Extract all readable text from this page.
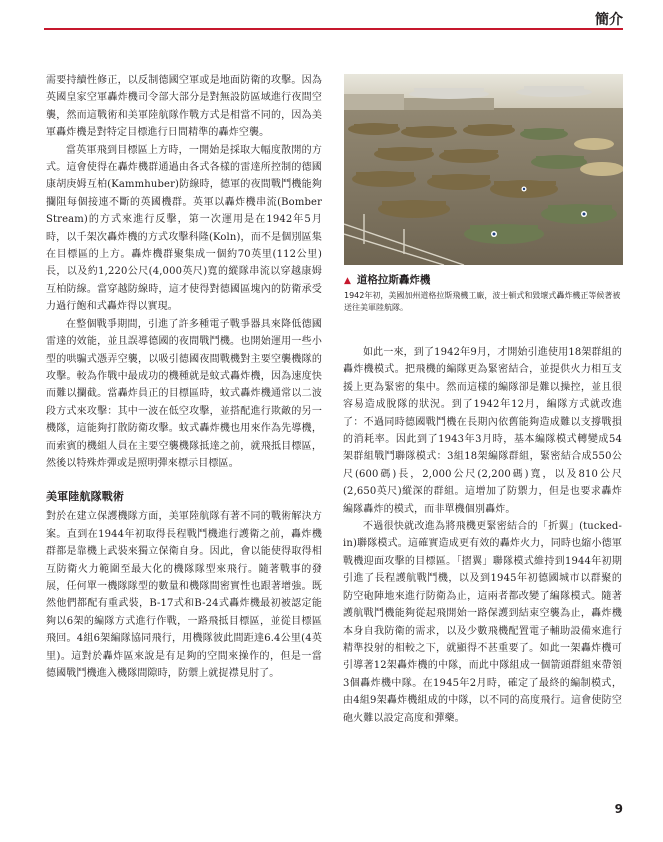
簡介

需要持續性修正，以反制德國空軍或是地面防衛的攻擊。因為英國皇家空軍轟炸機司令部大部分是對無設防區域進行夜間空襲，然而這戰術和美軍陸航隊作戰方式是相當不同的，因為美軍轟炸機是對特定目標進行日間精準的轟炸空襲。

當英軍飛到目標區上方時，一開始是採取大幅度散開的方式。這會使得在轟炸機群通過由各式各樣的雷達所控制的德國康胡庚姆互柏(Kammhuber)防線時，德軍的夜間戰鬥機能夠攔阻每個接連不斷的英國機群。英軍以轟炸機串流(Bomber Stream)的方式來進行反擊，第一次運用是在1942年5月時，以千架次轟炸機的方式攻擊科隆(Koln)，而不是個別區集在目標區的上方。轟炸機群聚集成一個約70英里(112公里)長，以及約1,220公尺(4,000英尺)寬的縱隊串流以穿越康姆互柏防線。當穿越防線時，這才使得對德國區塊內的防衛承受力過行飽和式轟炸得以實現。

在整個戰爭期間，引進了許多種電子戰爭器具來降低德國雷達的效能，並且誤導德國的夜間戰鬥機。也開始運用一些小型的哄騙式憑弄空襲，以吸引德國夜間戰機對主要空襲機隊的攻擊。較為作戰中最成功的機種就是蚊式轟炸機，因為速度快而難以攔截。當轟炸員正的目標區時，蚊式轟炸機通常以二波段方式來攻擊：其中一波在低空攻擊，並搭配進行欺敵的另一機隊，這能夠打散防衛攻擊。蚊式轟炸機也用來作為先導機，而索賓的機組人員在主要空襲機隊抵達之前，就飛抵目標區，然後以特殊炸彈或是照明彈來標示目標區。

美軍陸航隊戰術

對於在建立保護機隊方面，美軍陸航隊有著不同的戰術解決方案。直到在1944年初取得長程戰鬥機進行護衛之前，轟炸機群都是靠機上武裝來獨立保衛自身。因此，會以能使得取得相互防衛火力範圍至最大化的機隊隊型來飛行。隨著戰事的發展，任何單一機隊隊型的數量和機隊間密實性也跟著增強。既然他們都配有重武裝，B-17式和B-24式轟炸機最初被認定能夠以6架的編隊方式進行作戰，一路飛抵目標區，並從目標區飛回。4組6架編隊協同飛行，用機隊彼此間距達6.4公里(4英里)。這對於轟炸區來說是有足夠的空間來操作的，但是一當德國戰鬥機進入機隊間隙時，防禦上就捉襟見肘了。

▲ 道格拉斯轟炸機
1942年初，美國加州道格拉斯飛機工廠，波士頓式和毀壞式轟炸機正等候著被送往美軍陸航隊。

如此一來，到了1942年9月，才開始引進使用18架群組的轟炸機模式。把飛機的編隊更為緊密結合，並提供火力相互支援上更為緊密的集中。然而這樣的編隊卻是難以操控，並且很容易造成脫隊的狀況。到了1942年12月，編隊方式就改進了：不過同時德國戰鬥機在長期內依舊能夠造成難以支撐戰損的消耗率。因此到了1943年3月時，基本編隊模式轉變成54架群組戰鬥聯隊模式：3組18架編隊群組，緊密結合成550公尺(600碼)長，2,000公尺(2,200碼)寬，以及810公尺(2,650英尺)縱深的群組。這增加了防禦力，但是也要求轟炸編隊轟炸的模式，而非單機個別轟炸。

不過很快就改進為將飛機更緊密結合的「折翼」(tucked-in)聯隊模式。這確實造成更有效的轟炸火力，同時也縮小德軍戰機迎面攻擊的目標區。「摺翼」聯隊模式維持到1944年初期引進了長程護航戰鬥機，以及到1945年初德國城市以群聚的防空砲陣地來進行防衛為止，這兩者都改變了編隊模式。隨著護航戰鬥機能夠從起飛開始一路保護到結束空襲為止，轟炸機本身自我防衛的需求，以及少數飛機配置電子輔助設備來進行精準投射的相較之下，就顯得不甚重要了。如此一架轟炸機可引導著12架轟炸機的中隊，而此中隊組成一個箭頭群組來帶領3個轟炸機中隊。在1945年2月時，確定了最終的編制模式，由4組9架轟炸機組成的中隊，以不同的高度飛行。這會使防空砲火難以設定高度和彈藥。

9
